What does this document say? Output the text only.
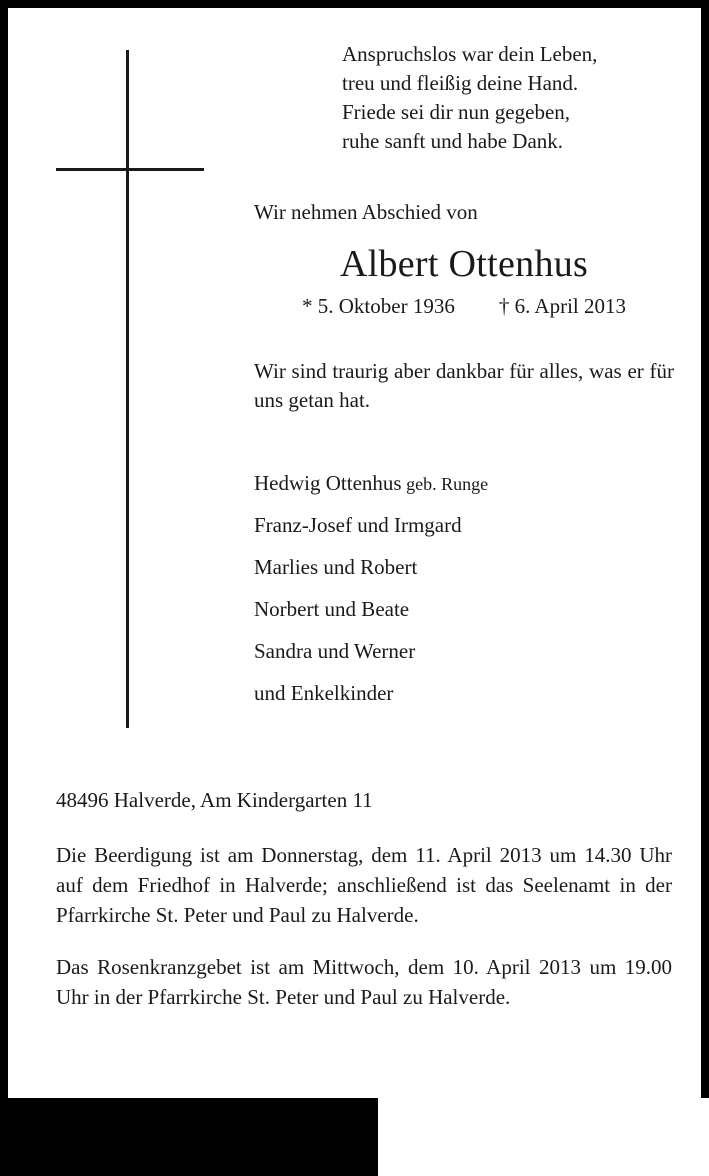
Anspruchslos war dein Leben,
treu und fleißig deine Hand.
Friede sei dir nun gegeben,
ruhe sanft und habe Dank.
Wir nehmen Abschied von
Albert Ottenhus
* 5. Oktober 1936 † 6. April 2013
Wir sind traurig aber dankbar für alles, was er für uns getan hat.
Hedwig Ottenhus geb. Runge
Franz-Josef und Irmgard
Marlies und Robert
Norbert und Beate
Sandra und Werner
und Enkelkinder
48496 Halverde, Am Kindergarten 11
Die Beerdigung ist am Donnerstag, dem 11. April 2013 um 14.30 Uhr auf dem Friedhof in Halverde; anschließend ist das Seelenamt in der Pfarrkirche St. Peter und Paul zu Halverde.
Das Rosenkranzgebet ist am Mittwoch, dem 10. April 2013 um 19.00 Uhr in der Pfarrkirche St. Peter und Paul zu Halverde.
